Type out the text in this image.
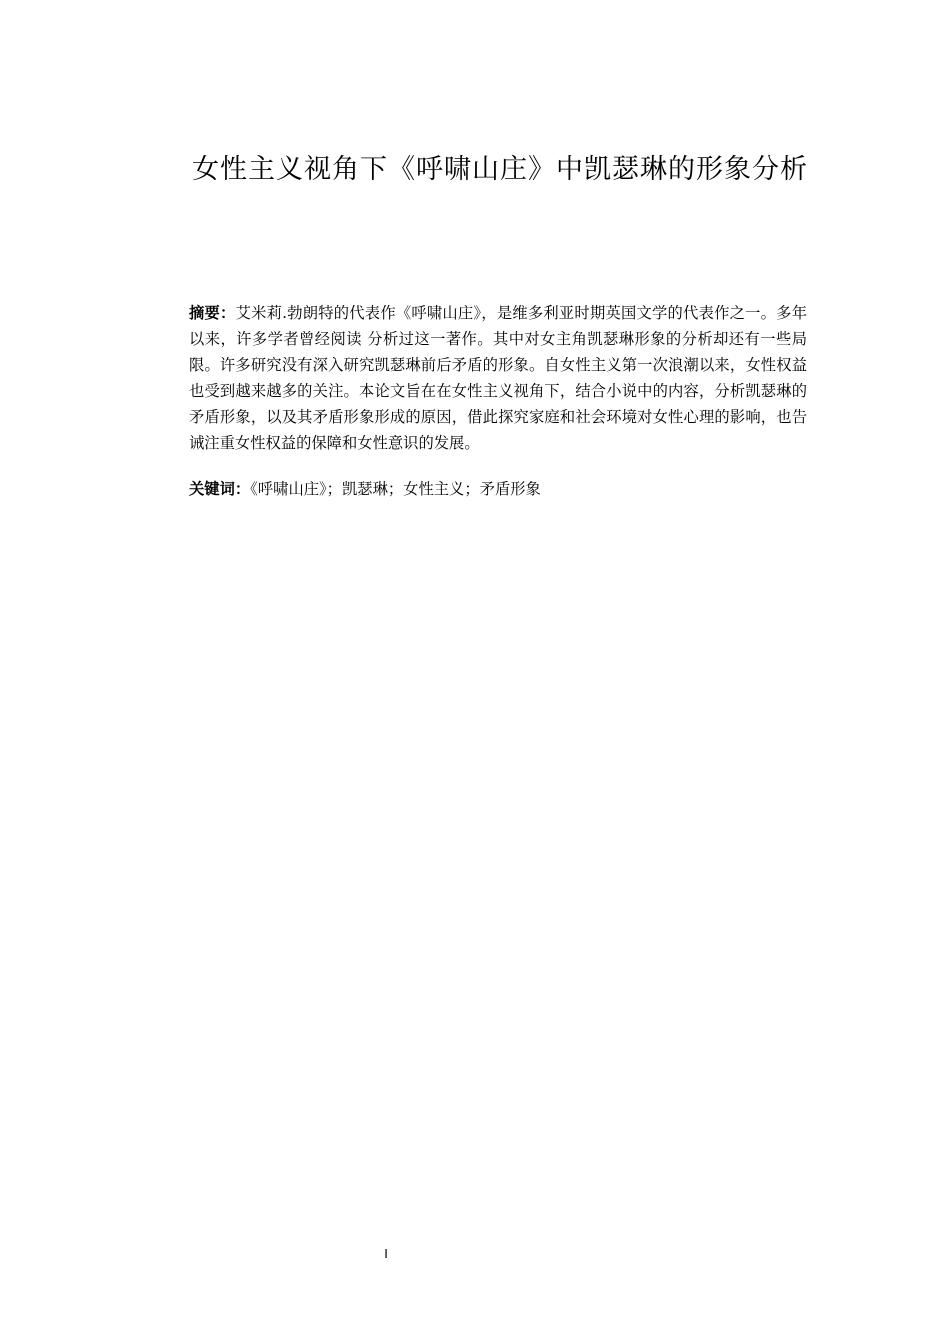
女性主义视角下《呼啸山庄》中凯瑟琳的形象分析

摘要：艾米莉.勃朗特的代表作《呼啸山庄》，是维多利亚时期英国文学的代表作之一。多年以来，许多学者曾经阅读 分析过这一著作。其中对女主角凯瑟琳形象的分析却还有一些局限。许多研究没有深入研究凯瑟琳前后矛盾的形象。自女性主义第一次浪潮以来，女性权益也受到越来越多的关注。本论文旨在在女性主义视角下，结合小说中的内容，分析凯瑟琳的矛盾形象，以及其矛盾形象形成的原因，借此探究家庭和社会环境对女性心理的影响，也告诫注重女性权益的保障和女性意识的发展。

关键词：《呼啸山庄》；凯瑟琳；女性主义；矛盾形象

I
